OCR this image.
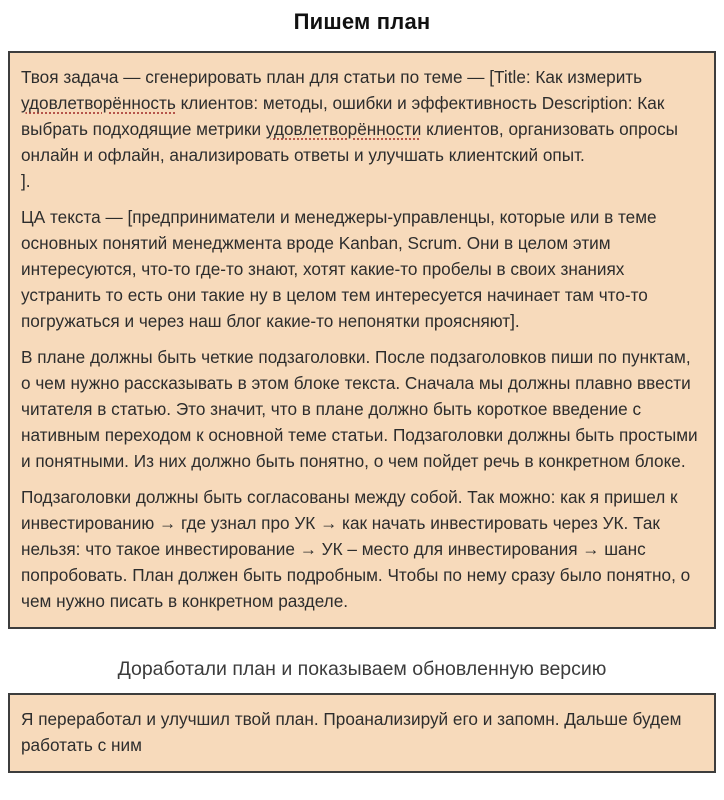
Пишем план

Твоя задача — сгенерировать план для статьи по теме — [Title: Как измерить удовлетворённость клиентов: методы, ошибки и эффективность Description: Как выбрать подходящие метрики удовлетворённости клиентов, организовать опросы онлайн и офлайн, анализировать ответы и улучшать клиентский опыт.
].

ЦА текста — [предприниматели и менеджеры-управленцы, которые или в теме основных понятий менеджмента вроде Kanban, Scrum. Они в целом этим интересуются, что-то где-то знают, хотят какие-то пробелы в своих знаниях устранить то есть они такие ну в целом тем интересуется начинает там что-то погружаться и через наш блог какие-то непонятки проясняют].

В плане должны быть четкие подзаголовки. После подзаголовков пиши по пунктам, о чем нужно рассказывать в этом блоке текста. Сначала мы должны плавно ввести читателя в статью. Это значит, что в плане должно быть короткое введение с нативным переходом к основной теме статьи. Подзаголовки должны быть простыми и понятными. Из них должно быть понятно, о чем пойдет речь в конкретном блоке.

Подзаголовки должны быть согласованы между собой. Так можно: как я пришел к инвестированию → где узнал про УК → как начать инвестировать через УК. Так нельзя: что такое инвестирование → УК – место для инвестирования → шанс попробовать. План должен быть подробным. Чтобы по нему сразу было понятно, о чем нужно писать в конкретном разделе.

Доработали план и показываем обновленную версию

Я переработал и улучшил твой план. Проанализируй его и запомн. Дальше будем работать с ним
